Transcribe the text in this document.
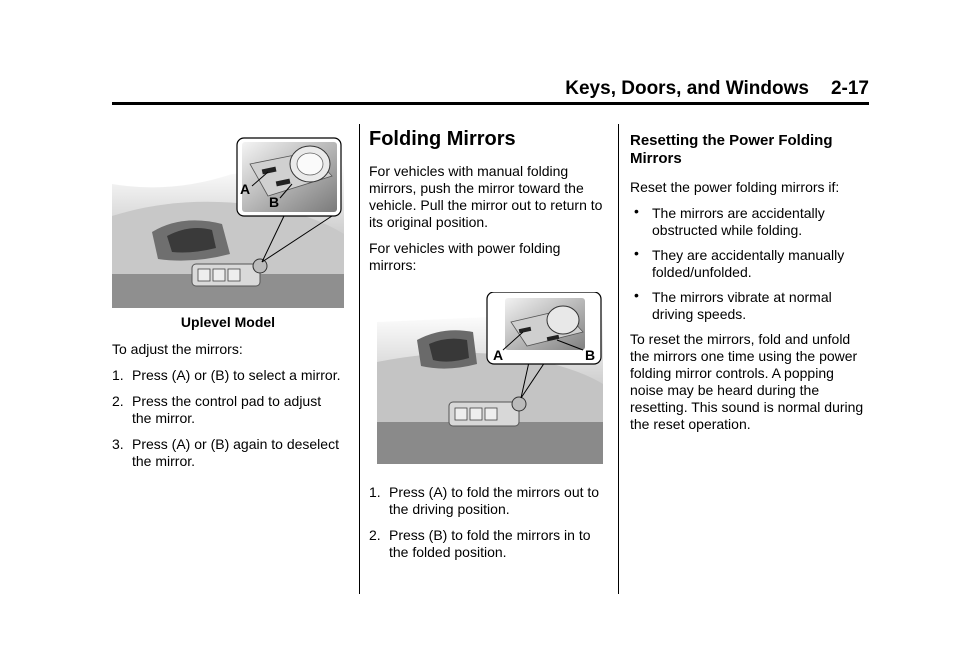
Keys, Doors, and Windows 2-17
A
B
Uplevel Model

To adjust the mirrors:

1. Press (A) or (B) to select a mirror.
2. Press the control pad to adjust the mirror.
3. Press (A) or (B) again to deselect the mirror.
Folding Mirrors

For vehicles with manual folding mirrors, push the mirror toward the vehicle. Pull the mirror out to return to its original position.

For vehicles with power folding mirrors:

A	B
1. Press (A) to fold the mirrors out to the driving position.
2. Press (B) to fold the mirrors in to the folded position.
Resetting the Power Folding Mirrors

Reset the power folding mirrors if:

• The mirrors are accidentally obstructed while folding.
• They are accidentally manually folded/unfolded.
• The mirrors vibrate at normal driving speeds.

To reset the mirrors, fold and unfold the mirrors one time using the power folding mirror controls. A popping noise may be heard during the resetting. This sound is normal during the reset operation.
